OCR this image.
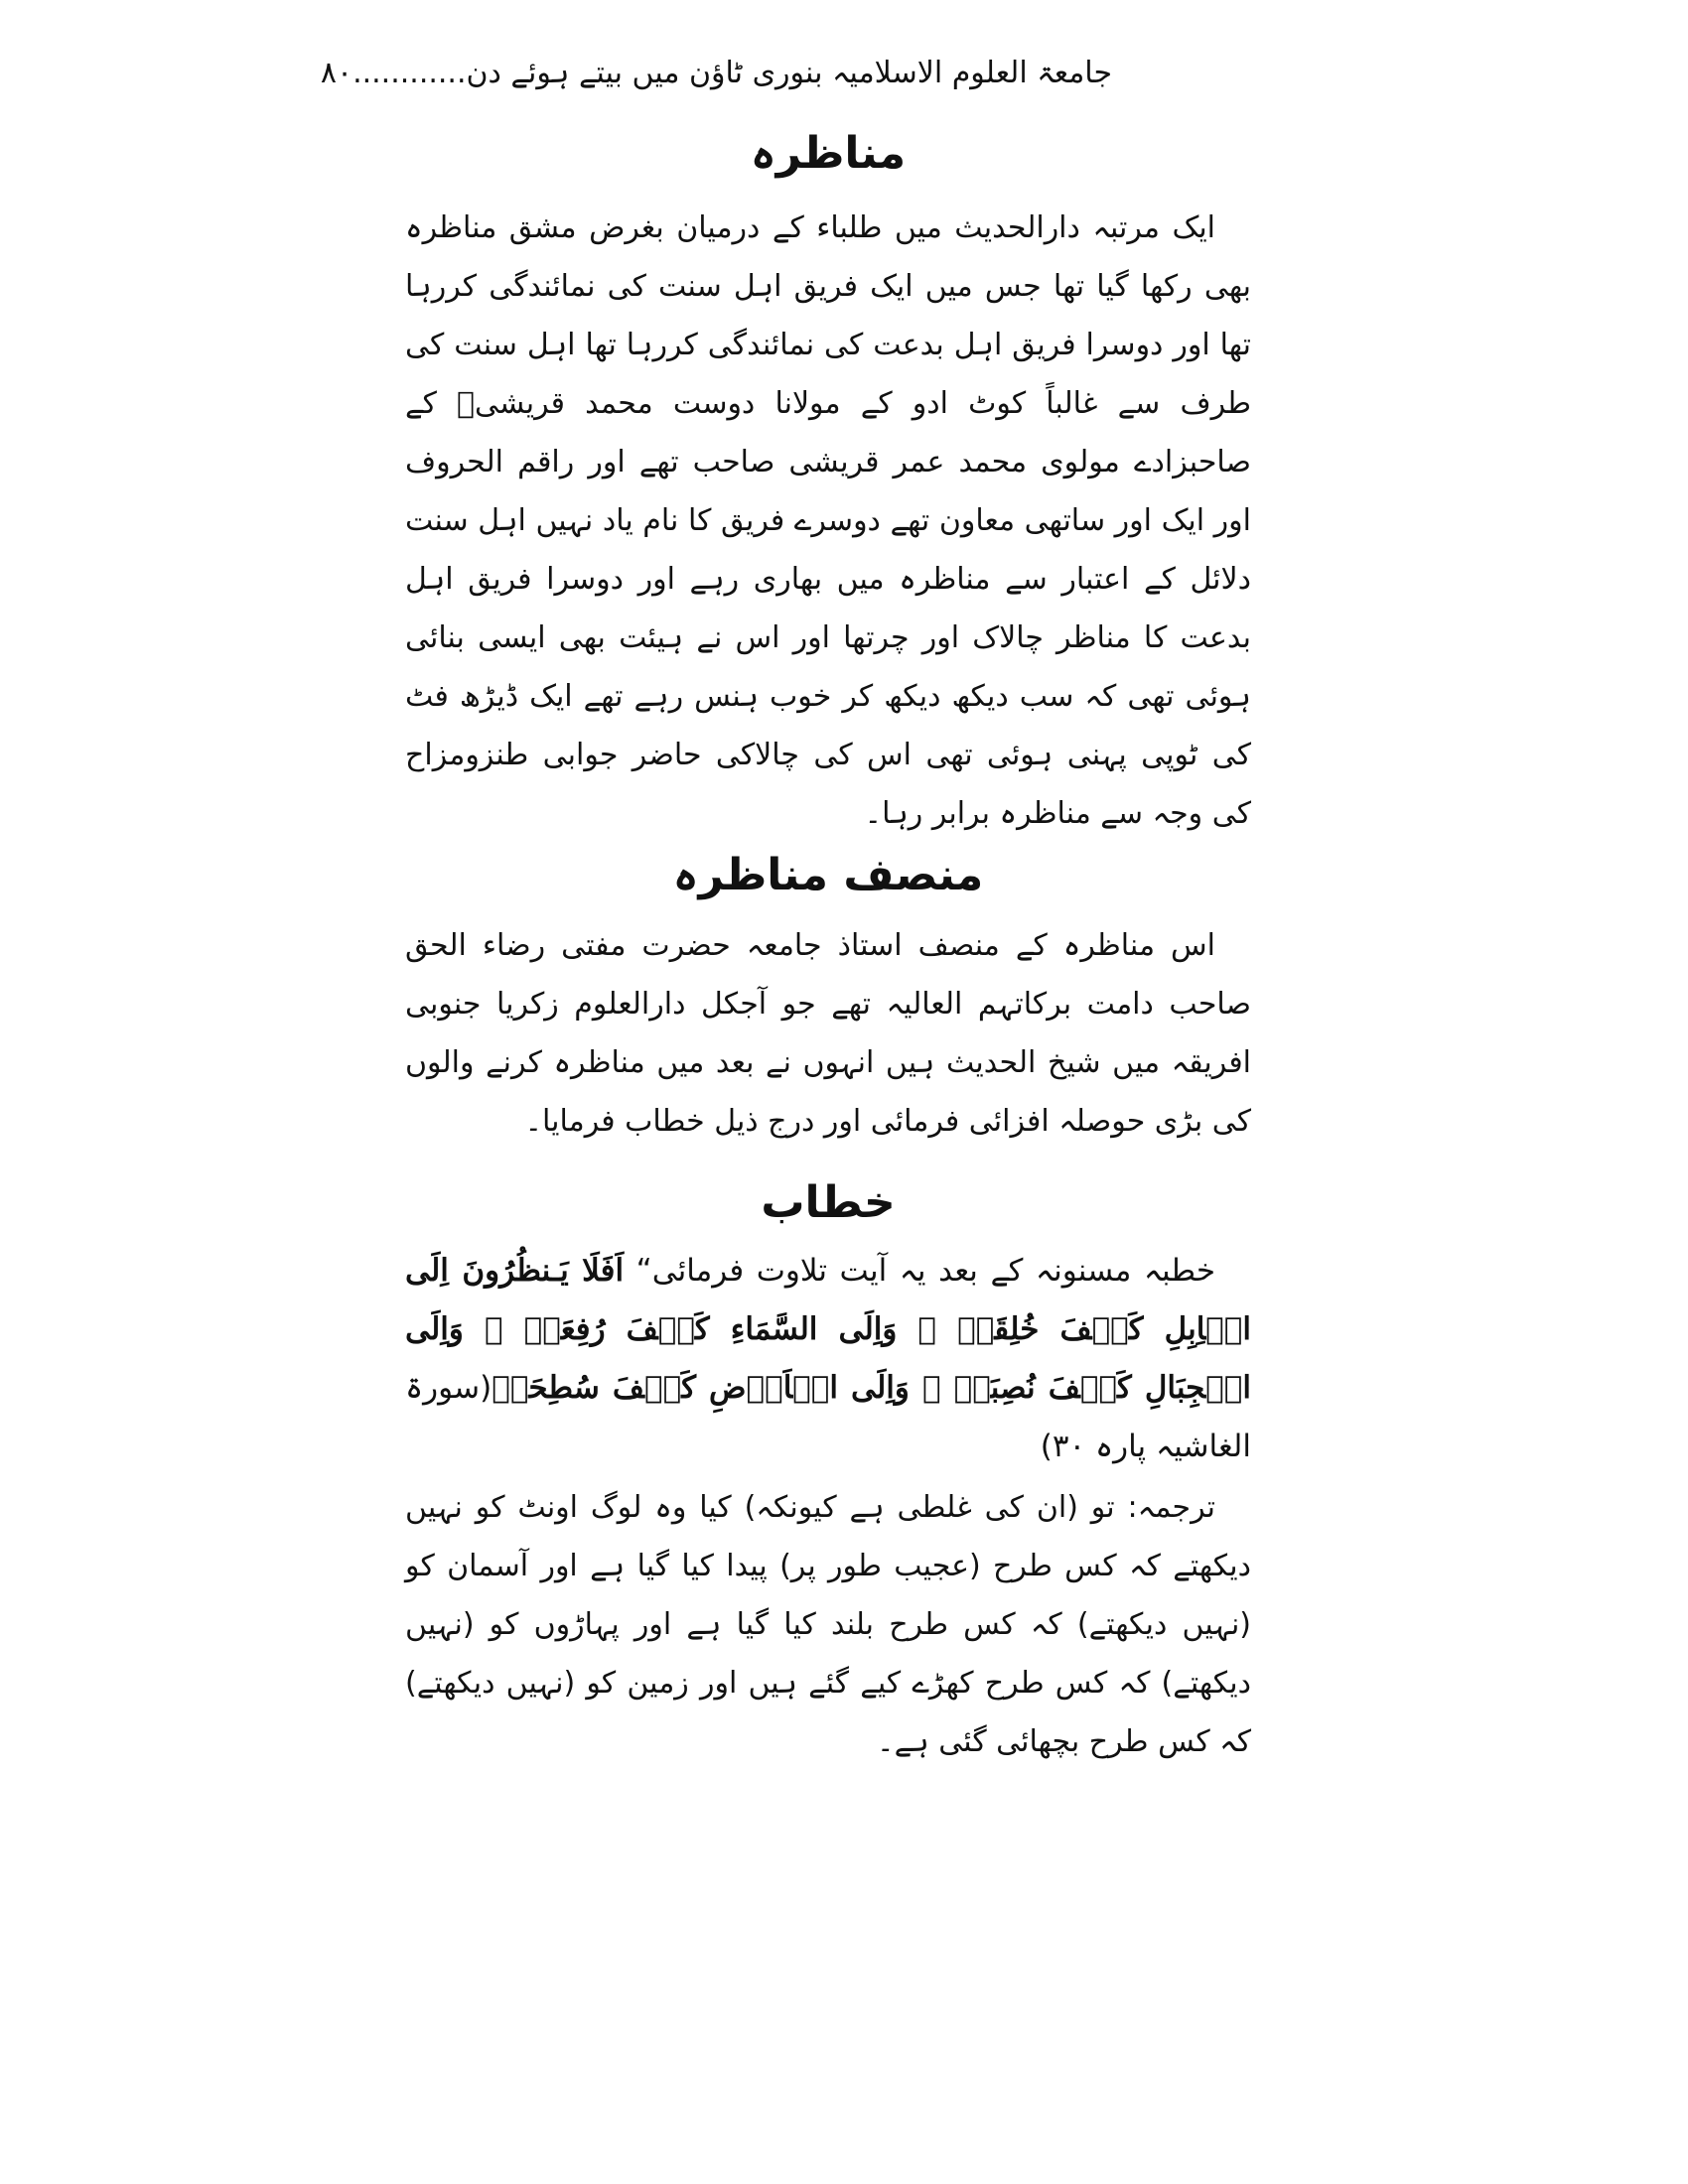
جامعۃ العلوم الاسلامیہ بنوری ٹاؤن میں بیتے ہوئے دن............۸۰
مناظرہ

ایک مرتبہ دارالحدیث میں طلباء کے درمیان بغرض مشق مناظرہ بھی رکھا گیا تھا جس میں ایک فریق اہل سنت کی نمائندگی کررہا تھا اور دوسرا فریق اہل بدعت کی نمائندگی کررہا تھا اہل سنت کی طرف سے غالباً کوٹ ادو کے مولانا دوست محمد قریشیؒ کے صاحبزادے مولوی محمد عمر قریشی صاحب تھے اور راقم الحروف اور ایک اور ساتھی معاون تھے دوسرے فریق کا نام یاد نہیں اہل سنت دلائل کے اعتبار سے مناظرہ میں بھاری رہے اور دوسرا فریق اہل بدعت کا مناظر چالاک اور چرتھا اور اس نے ہیئت بھی ایسی بنائی ہوئی تھی کہ سب دیکھ دیکھ کر خوب ہنس رہے تھے ایک ڈیڑھ فٹ کی ٹوپی پہنی ہوئی تھی اس کی چالاکی حاضر جوابی طنزومزاح کی وجہ سے مناظرہ برابر رہا۔

منصف مناظرہ

اس مناظرہ کے منصف استاذ جامعہ حضرت مفتی رضاء الحق صاحب دامت برکاتہم العالیہ تھے جو آجکل دارالعلوم زکریا جنوبی افریقہ میں شیخ الحدیث ہیں انہوں نے بعد میں مناظرہ کرنے والوں کی بڑی حوصلہ افزائی فرمائی اور درج ذیل خطاب فرمایا۔

خطاب

خطبہ مسنونہ کے بعد یہ آیت تلاوت فرمائی“ اَفَلَا یَـنظُرُونَ اِلَى الۡاِبِلِ كَيۡفَ خُلِقَتۡ ۔ وَاِلَى السَّمَاءِ كَيۡفَ رُفِعَتۡ ۔ وَاِلَى الۡجِبَالِ كَيۡفَ نُصِبَتۡ ۔ وَاِلَى الۡاَرۡضِ كَيۡفَ سُطِحَتۡ(سورۃ الغاشیہ پارہ ۳۰)

ترجمہ: تو (ان کی غلطی ہے کیونکہ) کیا وہ لوگ اونٹ کو نہیں دیکھتے کہ کس طرح (عجیب طور پر) پیدا کیا گیا ہے اور آسمان کو (نہیں دیکھتے) کہ کس طرح بلند کیا گیا ہے اور پہاڑوں کو (نہیں دیکھتے) کہ کس طرح کھڑے کیے گئے ہیں اور زمین کو (نہیں دیکھتے) کہ کس طرح بچھائی گئی ہے۔
